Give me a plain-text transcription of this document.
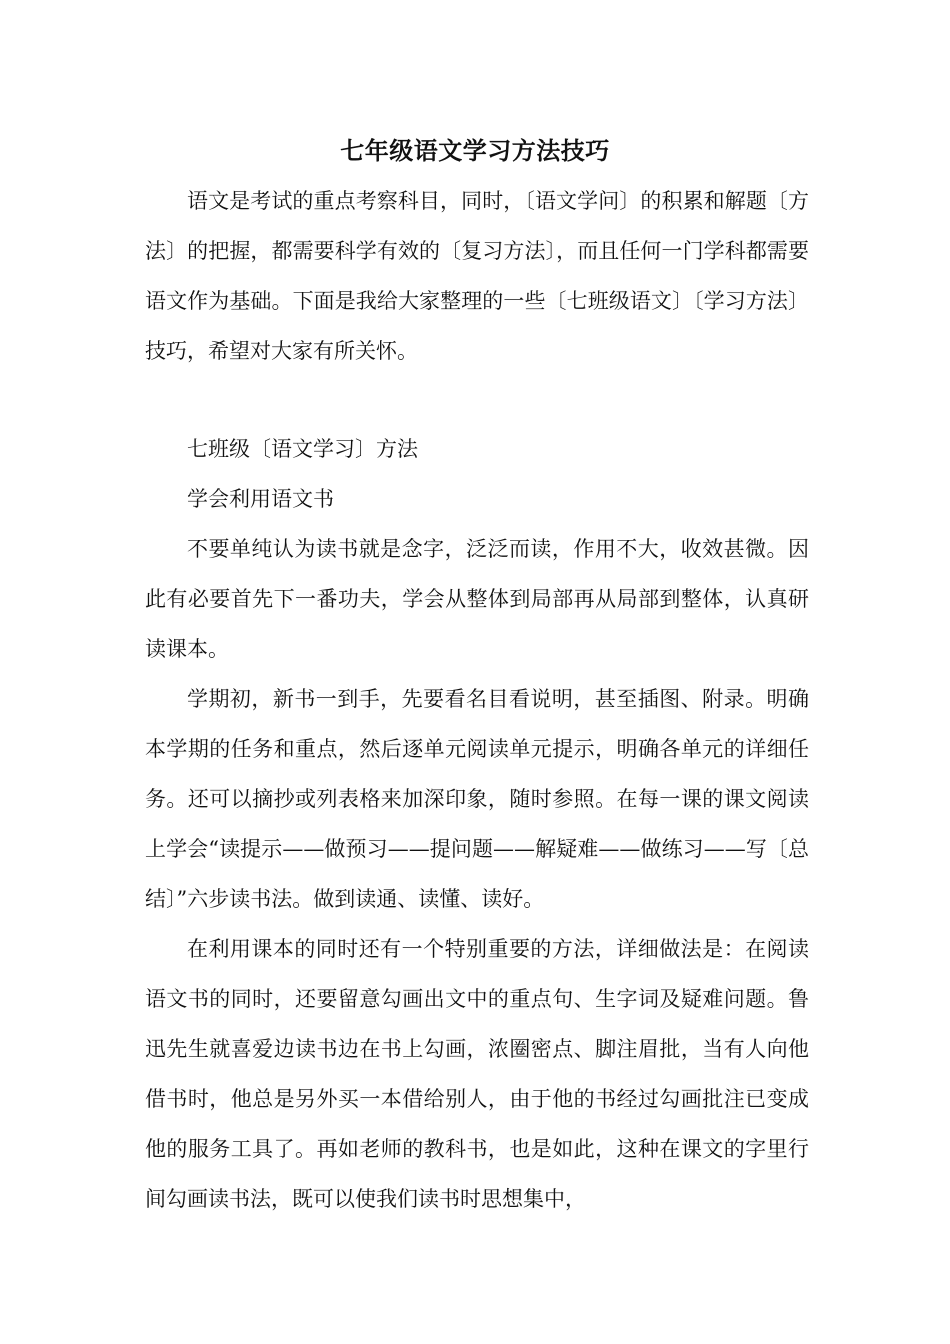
七年级语文学习方法技巧

语文是考试的重点考察科目，同时，〔语文学问〕的积累和解题〔方法〕的把握，都需要科学有效的〔复习方法〕，而且任何一门学科都需要语文作为基础。下面是我给大家整理的一些〔七班级语文〕〔学习方法〕技巧，希望对大家有所关怀。

七班级〔语文学习〕方法

学会利用语文书

不要单纯认为读书就是念字，泛泛而读，作用不大，收效甚微。因此有必要首先下一番功夫，学会从整体到局部再从局部到整体，认真研读课本。

学期初，新书一到手，先要看名目看说明，甚至插图、附录。明确本学期的任务和重点，然后逐单元阅读单元提示，明确各单元的详细任务。还可以摘抄或列表格来加深印象，随时参照。在每一课的课文阅读上学会“读提示——做预习——提问题——解疑难——做练习——写〔总结〕”六步读书法。做到读通、读懂、读好。

在利用课本的同时还有一个特别重要的方法，详细做法是：在阅读语文书的同时，还要留意勾画出文中的重点句、生字词及疑难问题。鲁迅先生就喜爱边读书边在书上勾画，浓圈密点、脚注眉批，当有人向他借书时，他总是另外买一本借给别人，由于他的书经过勾画批注已变成他的服务工具了。再如老师的教科书，也是如此，这种在课文的字里行间勾画读书法，既可以使我们读书时思想集中，
